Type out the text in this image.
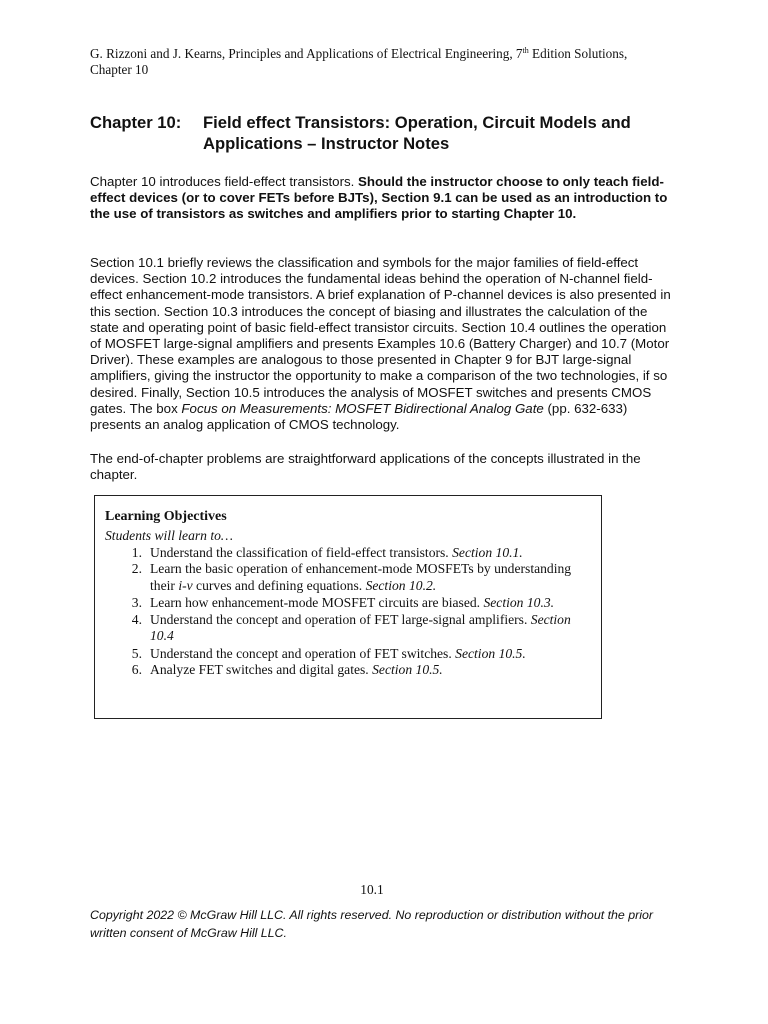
G. Rizzoni and J. Kearns, Principles and Applications of Electrical Engineering, 7th Edition Solutions,
Chapter 10
Chapter 10:	Field effect Transistors: Operation, Circuit Models and
Applications – Instructor Notes

Chapter 10 introduces field-effect transistors. Should the instructor choose to only teach field-effect devices (or to cover FETs before BJTs), Section 9.1 can be used as an introduction to the use of transistors as switches and amplifiers prior to starting Chapter 10.

Section 10.1 briefly reviews the classification and symbols for the major families of field-effect devices. Section 10.2 introduces the fundamental ideas behind the operation of N-channel field-effect enhancement-mode transistors. A brief explanation of P-channel devices is also presented in this section. Section 10.3 introduces the concept of biasing and illustrates the calculation of the state and operating point of basic field-effect transistor circuits. Section 10.4 outlines the operation of MOSFET large-signal amplifiers and presents Examples 10.6 (Battery Charger) and 10.7 (Motor Driver). These examples are analogous to those presented in Chapter 9 for BJT large-signal amplifiers, giving the instructor the opportunity to make a comparison of the two technologies, if so desired. Finally, Section 10.5 introduces the analysis of MOSFET switches and presents CMOS gates. The box Focus on Measurements: MOSFET Bidirectional Analog Gate (pp. 632-633) presents an analog application of CMOS technology.

The end-of-chapter problems are straightforward applications of the concepts illustrated in the chapter.

Learning Objectives
Students will learn to…
1. Understand the classification of field-effect transistors. Section 10.1.
2. Learn the basic operation of enhancement-mode MOSFETs by understanding their i-v curves and defining equations. Section 10.2.
3. Learn how enhancement-mode MOSFET circuits are biased. Section 10.3.
4. Understand the concept and operation of FET large-signal amplifiers. Section 10.4
5. Understand the concept and operation of FET switches. Section 10.5.
6. Analyze FET switches and digital gates. Section 10.5.
10.1

Copyright 2022 © McGraw Hill LLC. All rights reserved. No reproduction or distribution without the prior written consent of McGraw Hill LLC.
